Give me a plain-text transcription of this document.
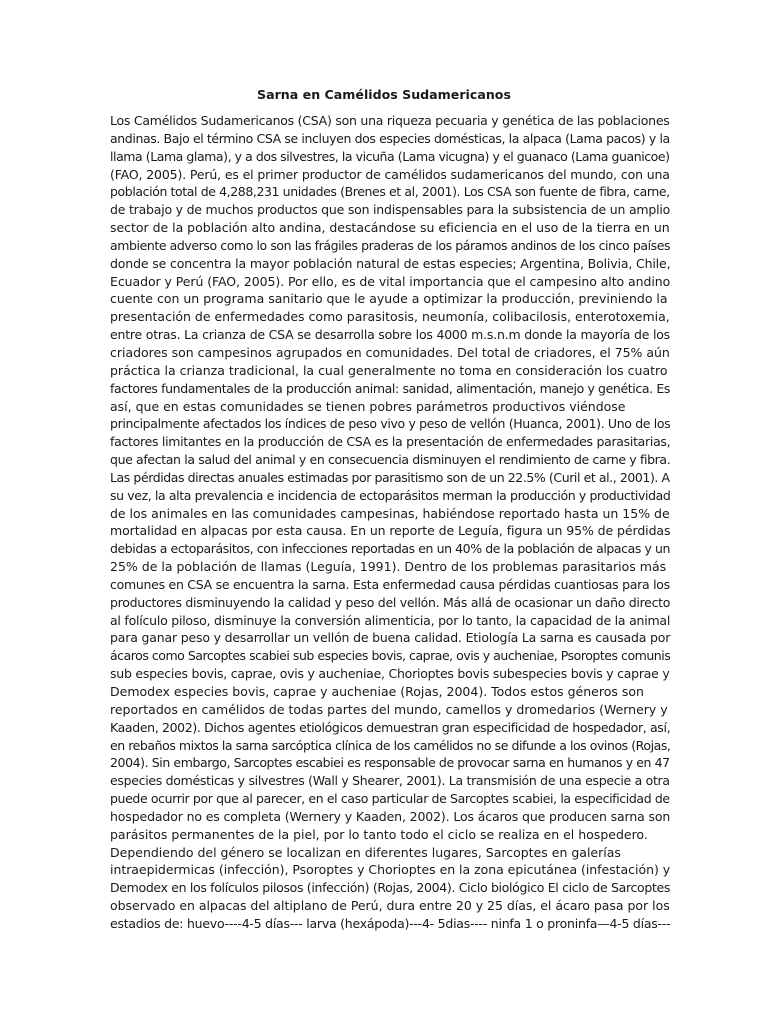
Sarna en Camélidos Sudamericanos
Los Camélidos Sudamericanos (CSA) son una riqueza pecuaria y genética de las poblaciones
andinas. Bajo el término CSA se incluyen dos especies domésticas, la alpaca (Lama pacos) y la
llama (Lama glama), y a dos silvestres, la vicuña (Lama vicugna) y el guanaco (Lama guanicoe)
(FAO, 2005). Perú, es el primer productor de camélidos sudamericanos del mundo, con una
población total de 4,288,231 unidades (Brenes et al, 2001). Los CSA son fuente de fibra, carne,
de trabajo y de muchos productos que son indispensables para la subsistencia de un amplio
sector de la población alto andina, destacándose su eficiencia en el uso de la tierra en un
ambiente adverso como lo son las frágiles praderas de los páramos andinos de los cinco países
donde se concentra la mayor población natural de estas especies; Argentina, Bolivia, Chile,
Ecuador y Perú (FAO, 2005). Por ello, es de vital importancia que el campesino alto andino
cuente con un programa sanitario que le ayude a optimizar la producción, previniendo la
presentación de enfermedades como parasitosis, neumonía, colibacilosis, enterotoxemia,
entre otras. La crianza de CSA se desarrolla sobre los 4000 m.s.n.m donde la mayoría de los
criadores son campesinos agrupados en comunidades. Del total de criadores, el 75% aún
práctica la crianza tradicional, la cual generalmente no toma en consideración los cuatro
factores fundamentales de la producción animal: sanidad, alimentación, manejo y genética. Es
así, que en estas comunidades se tienen pobres parámetros productivos viéndose
principalmente afectados los índices de peso vivo y peso de vellón (Huanca, 2001). Uno de los
factores limitantes en la producción de CSA es la presentación de enfermedades parasitarias,
que afectan la salud del animal y en consecuencia disminuyen el rendimiento de carne y fibra.
Las pérdidas directas anuales estimadas por parasitismo son de un 22.5% (Curil et al., 2001). A
su vez, la alta prevalencia e incidencia de ectoparásitos merman la producción y productividad
de los animales en las comunidades campesinas, habiéndose reportado hasta un 15% de
mortalidad en alpacas por esta causa. En un reporte de Leguía, figura un 95% de pérdidas
debidas a ectoparásitos, con infecciones reportadas en un 40% de la población de alpacas y un
25% de la población de llamas (Leguía, 1991). Dentro de los problemas parasitarios más
comunes en CSA se encuentra la sarna. Esta enfermedad causa pérdidas cuantiosas para los
productores disminuyendo la calidad y peso del vellón. Más allá de ocasionar un daño directo
al folículo piloso, disminuye la conversión alimenticia, por lo tanto, la capacidad de la animal
para ganar peso y desarrollar un vellón de buena calidad. Etiología La sarna es causada por
ácaros como Sarcoptes scabiei sub especies bovis, caprae, ovis y aucheniae, Psoroptes comunis
sub especies bovis, caprae, ovis y aucheniae, Chorioptes bovis subespecies bovis y caprae y
Demodex especies bovis, caprae y aucheniae (Rojas, 2004). Todos estos géneros son
reportados en camélidos de todas partes del mundo, camellos y dromedarios (Wernery y
Kaaden, 2002). Dichos agentes etiológicos demuestran gran especificidad de hospedador, así,
en rebaños mixtos la sarna sarcóptica clínica de los camélidos no se difunde a los ovinos (Rojas,
2004). Sin embargo, Sarcoptes escabiei es responsable de provocar sarna en humanos y en 47
especies domésticas y silvestres (Wall y Shearer, 2001). La transmisión de una especie a otra
puede ocurrir por que al parecer, en el caso particular de Sarcoptes scabiei, la especificidad de
hospedador no es completa (Wernery y Kaaden, 2002). Los ácaros que producen sarna son
parásitos permanentes de la piel, por lo tanto todo el ciclo se realiza en el hospedero.
Dependiendo del género se localizan en diferentes lugares, Sarcoptes en galerías
intraepidermicas (infección), Psoroptes y Chorioptes en la zona epicutánea (infestación) y
Demodex en los folículos pilosos (infección) (Rojas, 2004). Ciclo biológico El ciclo de Sarcoptes
observado en alpacas del altiplano de Perú, dura entre 20 y 25 días, el ácaro pasa por los
estadios de: huevo----4-5 días--- larva (hexápoda)---4- 5dias---- ninfa 1 o proninfa—4-5 días---
